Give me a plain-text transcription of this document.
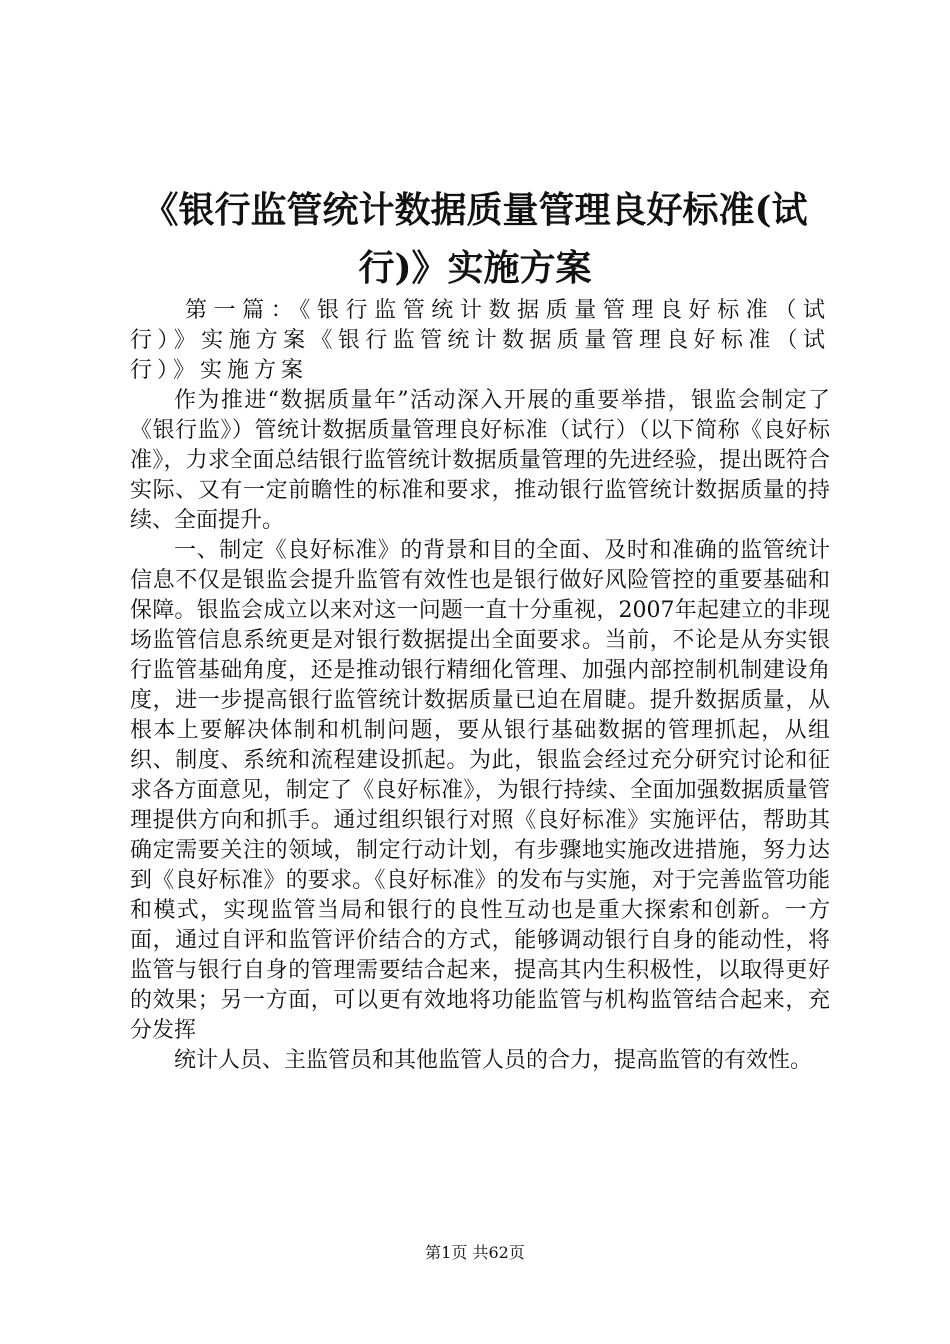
《银行监管统计数据质量管理良好标准(试
行)》实施方案

第一篇：《银行监管统计数据质量管理良好标准（试行）》实施方案《银行监管统计数据质量管理良好标准（试行）》实施方案

作为推进“数据质量年”活动深入开展的重要举措，银监会制定了《银行监》）管统计数据质量管理良好标准（试行）（以下简称《良好标准》，力求全面总结银行监管统计数据质量管理的先进经验，提出既符合实际、又有一定前瞻性的标准和要求，推动银行监管统计数据质量的持续、全面提升。

一、制定《良好标准》的背景和目的全面、及时和准确的监管统计信息不仅是银监会提升监管有效性也是银行做好风险管控的重要基础和保障。银监会成立以来对这一问题一直十分重视，2007年起建立的非现场监管信息系统更是对银行数据提出全面要求。当前，不论是从夯实银行监管基础角度，还是推动银行精细化管理、加强内部控制机制建设角度，进一步提高银行监管统计数据质量已迫在眉睫。提升数据质量，从根本上要解决体制和机制问题，要从银行基础数据的管理抓起，从组织、制度、系统和流程建设抓起。为此，银监会经过充分研究讨论和征求各方面意见，制定了《良好标准》，为银行持续、全面加强数据质量管理提供方向和抓手。通过组织银行对照《良好标准》实施评估，帮助其确定需要关注的领域，制定行动计划，有步骤地实施改进措施，努力达到《良好标准》的要求。《良好标准》的发布与实施，对于完善监管功能和模式，实现监管当局和银行的良性互动也是重大探索和创新。一方面，通过自评和监管评价结合的方式，能够调动银行自身的能动性，将监管与银行自身的管理需要结合起来，提高其内生积极性，以取得更好的效果；另一方面，可以更有效地将功能监管与机构监管结合起来，充分发挥

统计人员、主监管员和其他监管人员的合力，提高监管的有效性。

第1页 共62页
